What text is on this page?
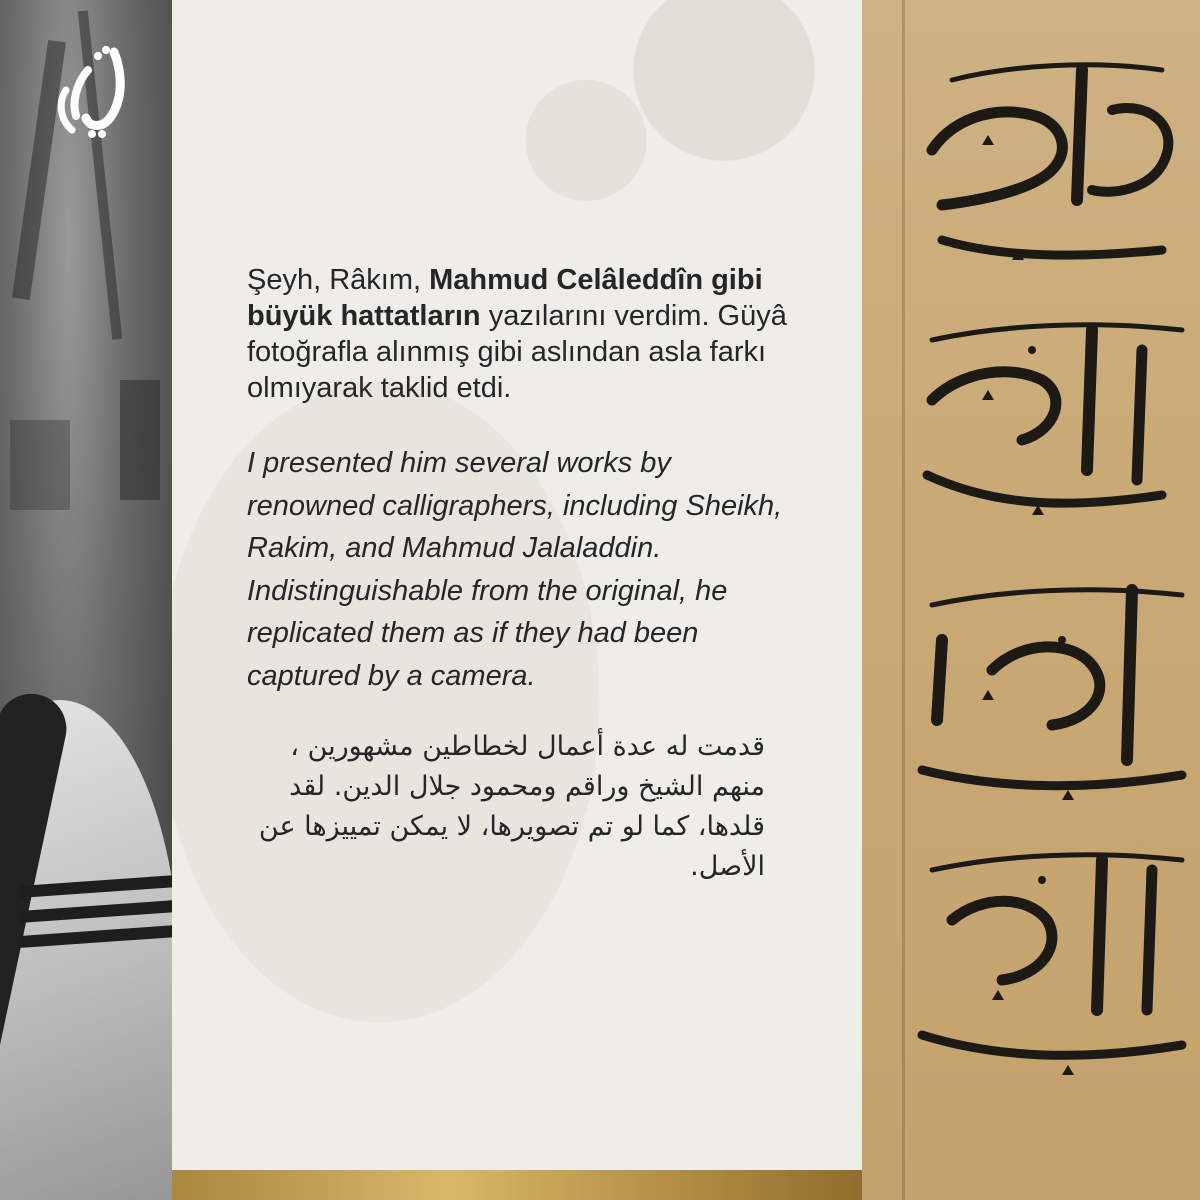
Şeyh, Râkım, Mahmud Celâleddîn gibi büyük hattatların yazılarını verdim. Güyâ fotoğrafla alınmış gibi aslından asla farkı olmıyarak taklid etdi.

I presented him several works by renowned calligraphers, including Sheikh, Rakim, and Mahmud Jalaladdin. Indistinguishable from the original, he replicated them as if they had been captured by a camera.

قدمت له عدة أعمال لخطاطين مشهورين ، منهم الشيخ وراقم ومحمود جلال الدين. لقد قلدها، كما لو تم تصويرها، لا يمكن تمييزها عن الأصل.
